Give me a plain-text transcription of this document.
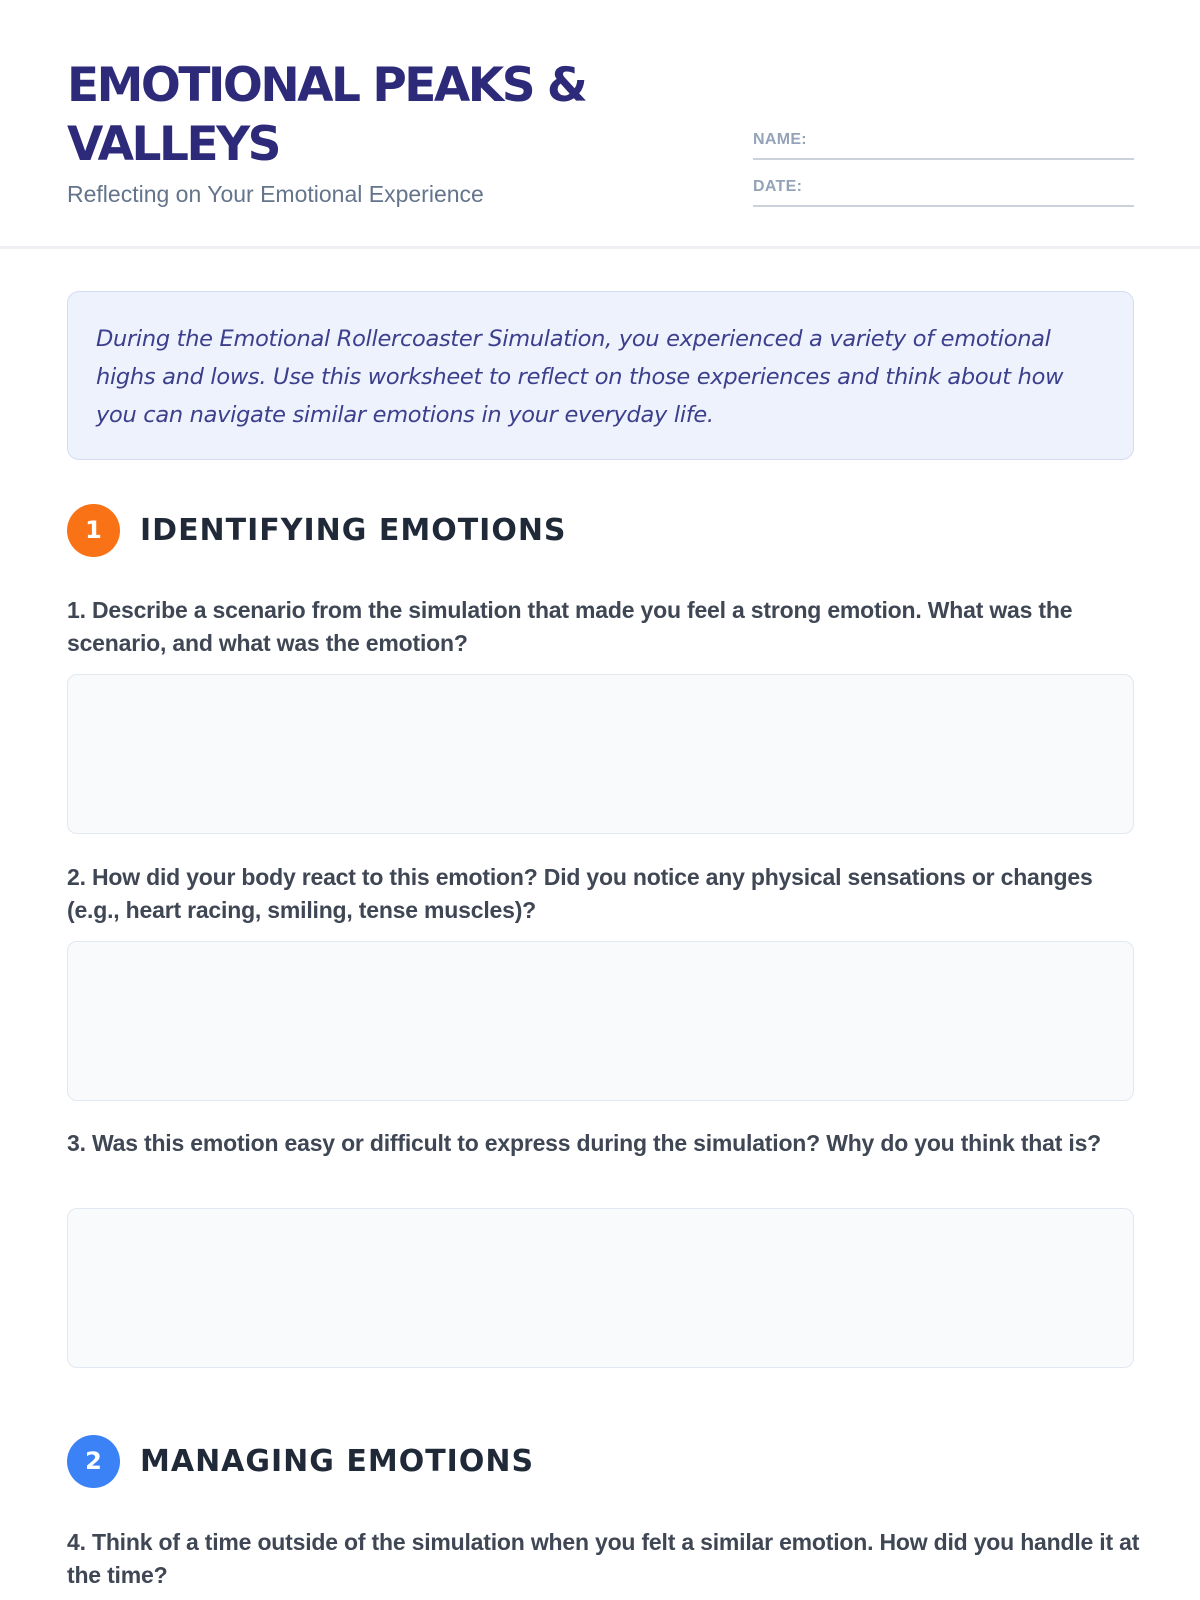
EMOTIONAL PEAKS & VALLEYS
Reflecting on Your Emotional Experience
NAME:
DATE:

During the Emotional Rollercoaster Simulation, you experienced a variety of emotional highs and lows. Use this worksheet to reflect on those experiences and think about how you can navigate similar emotions in your everyday life.

1	IDENTIFYING EMOTIONS
1. Describe a scenario from the simulation that made you feel a strong emotion. What was the scenario, and what was the emotion?
2. How did your body react to this emotion? Did you notice any physical sensations or changes (e.g., heart racing, smiling, tense muscles)?
3. Was this emotion easy or difficult to express during the simulation? Why do you think that is?
2	MANAGING EMOTIONS
4. Think of a time outside of the simulation when you felt a similar emotion. How did you handle it at the time?
